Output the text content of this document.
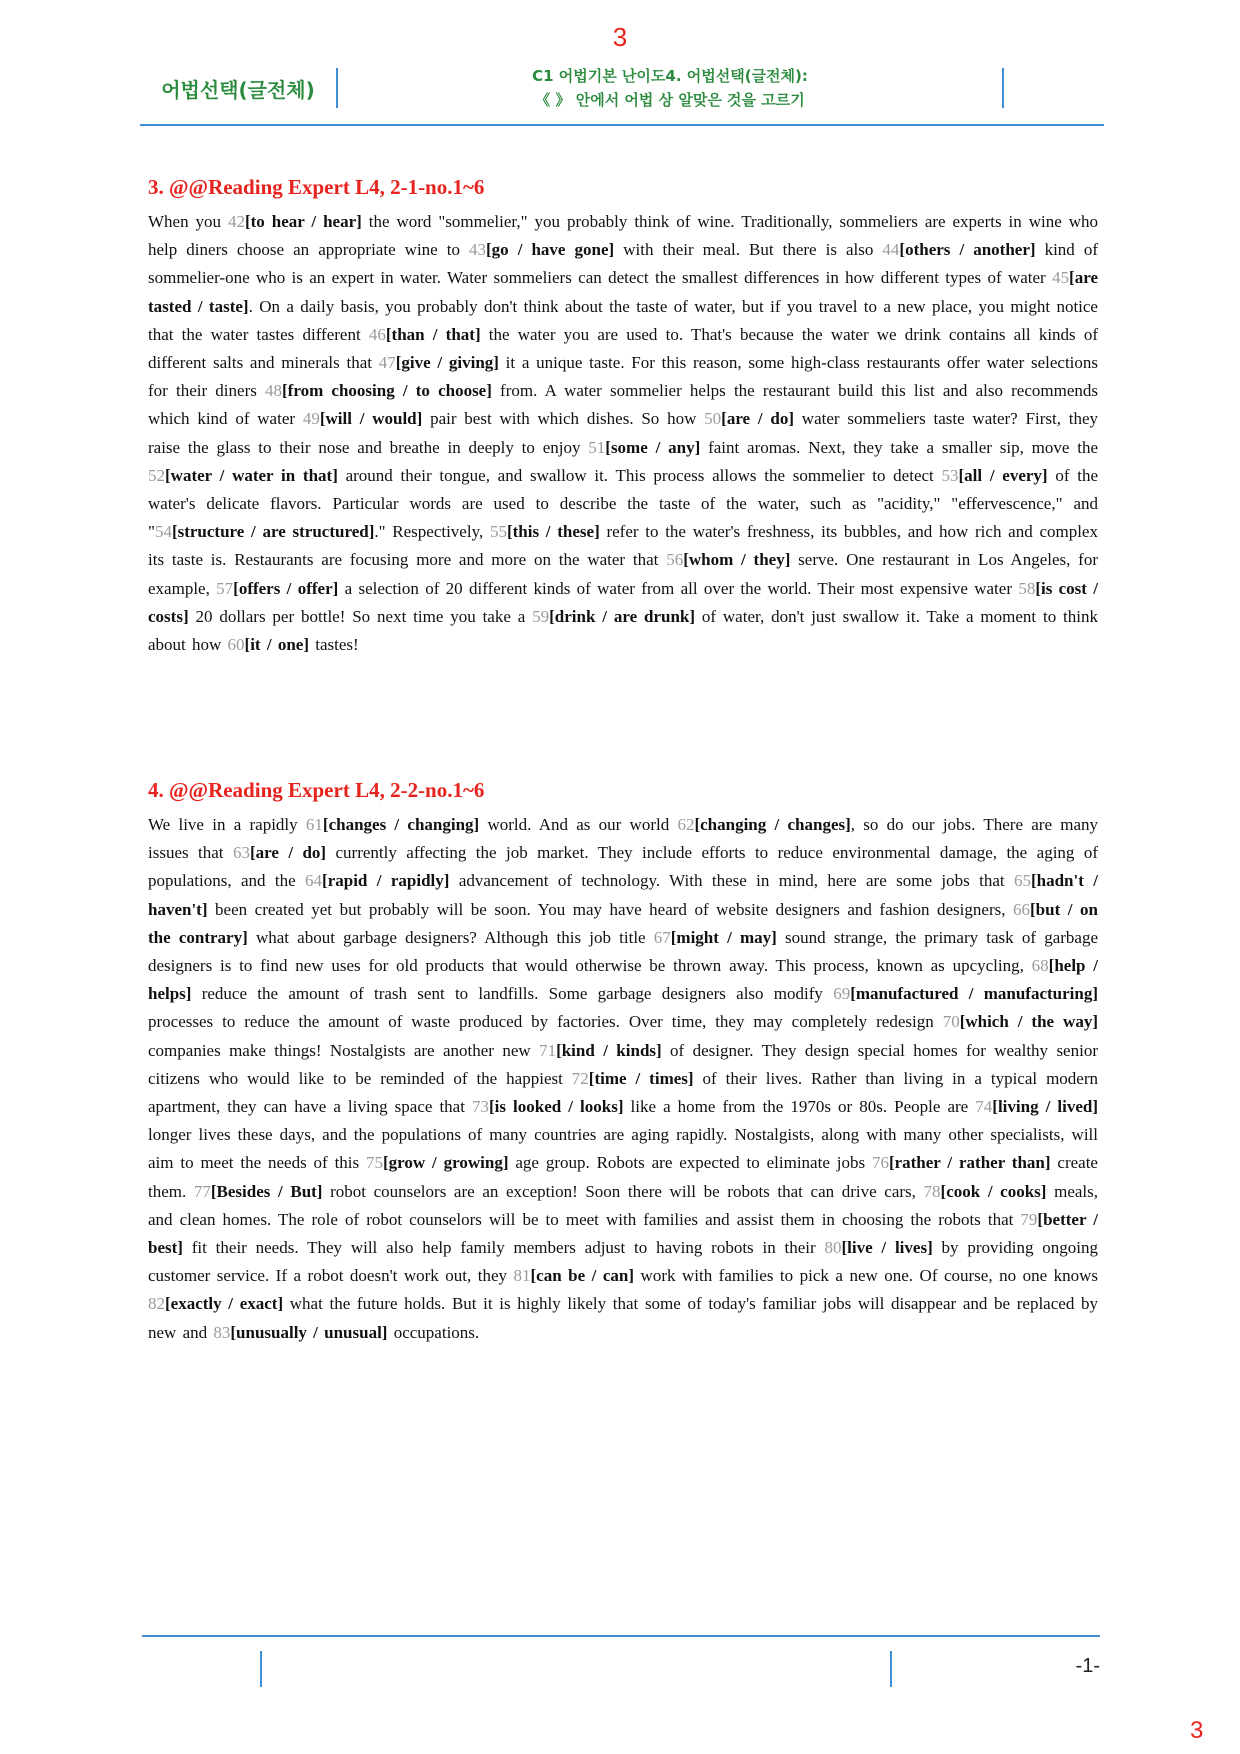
3
어법선택(글전체)
C1 어법기본 난이도4. 어법선택(글전체):
《 》 안에서 어법 상 알맞은 것을 고르기
3. @@Reading Expert L4, 2-1-no.1~6

When you 42[to hear / hear] the word "sommelier," you probably think of wine. Traditionally, sommeliers are experts in wine who help diners choose an appropriate wine to 43[go / have gone] with their meal. But there is also 44[others / another] kind of sommelier-one who is an expert in water. Water sommeliers can detect the smallest differences in how different types of water 45[are tasted / taste]. On a daily basis, you probably don't think about the taste of water, but if you travel to a new place, you might notice that the water tastes different 46[than / that] the water you are used to. That's because the water we drink contains all kinds of different salts and minerals that 47[give / giving] it a unique taste. For this reason, some high-class restaurants offer water selections for their diners 48[from choosing / to choose] from. A water sommelier helps the restaurant build this list and also recommends which kind of water 49[will / would] pair best with which dishes. So how 50[are / do] water sommeliers taste water? First, they raise the glass to their nose and breathe in deeply to enjoy 51[some / any] faint aromas. Next, they take a smaller sip, move the 52[water / water in that] around their tongue, and swallow it. This process allows the sommelier to detect 53[all / every] of the water's delicate flavors. Particular words are used to describe the taste of the water, such as "acidity," "effervescence," and "54[structure / are structured]." Respectively, 55[this / these] refer to the water's freshness, its bubbles, and how rich and complex its taste is. Restaurants are focusing more and more on the water that 56[whom / they] serve. One restaurant in Los Angeles, for example, 57[offers / offer] a selection of 20 different kinds of water from all over the world. Their most expensive water 58[is cost / costs] 20 dollars per bottle! So next time you take a 59[drink / are drunk] of water, don't just swallow it. Take a moment to think about how 60[it / one] tastes!

4. @@Reading Expert L4, 2-2-no.1~6

We live in a rapidly 61[changes / changing] world. And as our world 62[changing / changes], so do our jobs. There are many issues that 63[are / do] currently affecting the job market. They include efforts to reduce environmental damage, the aging of populations, and the 64[rapid / rapidly] advancement of technology. With these in mind, here are some jobs that 65[hadn't / haven't] been created yet but probably will be soon. You may have heard of website designers and fashion designers, 66[but / on the contrary] what about garbage designers? Although this job title 67[might / may] sound strange, the primary task of garbage designers is to find new uses for old products that would otherwise be thrown away. This process, known as upcycling, 68[help / helps] reduce the amount of trash sent to landfills. Some garbage designers also modify 69[manufactured / manufacturing] processes to reduce the amount of waste produced by factories. Over time, they may completely redesign 70[which / the way] companies make things! Nostalgists are another new 71[kind / kinds] of designer. They design special homes for wealthy senior citizens who would like to be reminded of the happiest 72[time / times] of their lives. Rather than living in a typical modern apartment, they can have a living space that 73[is looked / looks] like a home from the 1970s or 80s. People are 74[living / lived] longer lives these days, and the populations of many countries are aging rapidly. Nostalgists, along with many other specialists, will aim to meet the needs of this 75[grow / growing] age group. Robots are expected to eliminate jobs 76[rather / rather than] create them. 77[Besides / But] robot counselors are an exception! Soon there will be robots that can drive cars, 78[cook / cooks] meals, and clean homes. The role of robot counselors will be to meet with families and assist them in choosing the robots that 79[better / best] fit their needs. They will also help family members adjust to having robots in their 80[live / lives] by providing ongoing customer service. If a robot doesn't work out, they 81[can be / can] work with families to pick a new one. Of course, no one knows 82[exactly / exact] what the future holds. But it is highly likely that some of today's familiar jobs will disappear and be replaced by new and 83[unusually / unusual] occupations.

-1-
3
